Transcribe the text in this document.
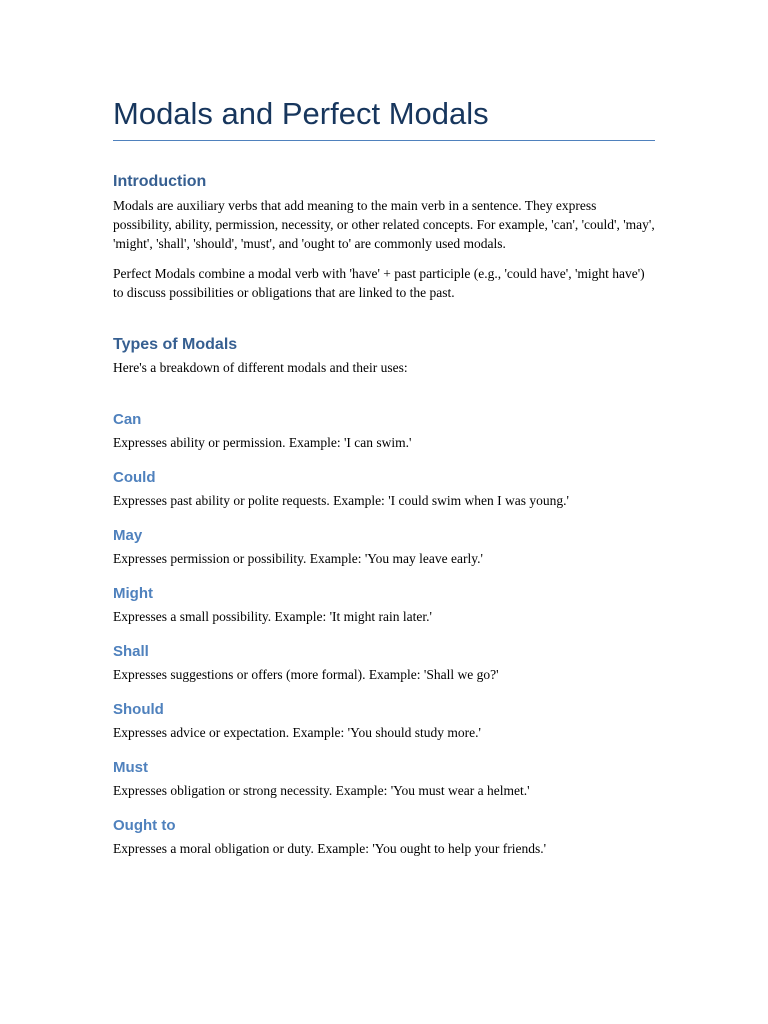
Modals and Perfect Modals
Introduction

Modals are auxiliary verbs that add meaning to the main verb in a sentence. They express possibility, ability, permission, necessity, or other related concepts. For example, 'can', 'could', 'may', 'might', 'shall', 'should', 'must', and 'ought to' are commonly used modals.

Perfect Modals combine a modal verb with 'have' + past participle (e.g., 'could have', 'might have') to discuss possibilities or obligations that are linked to the past.

Types of Modals

Here's a breakdown of different modals and their uses:

Can

Expresses ability or permission. Example: 'I can swim.'

Could

Expresses past ability or polite requests. Example: 'I could swim when I was young.'

May

Expresses permission or possibility. Example: 'You may leave early.'

Might

Expresses a small possibility. Example: 'It might rain later.'

Shall

Expresses suggestions or offers (more formal). Example: 'Shall we go?'

Should

Expresses advice or expectation. Example: 'You should study more.'

Must

Expresses obligation or strong necessity. Example: 'You must wear a helmet.'

Ought to

Expresses a moral obligation or duty. Example: 'You ought to help your friends.'
